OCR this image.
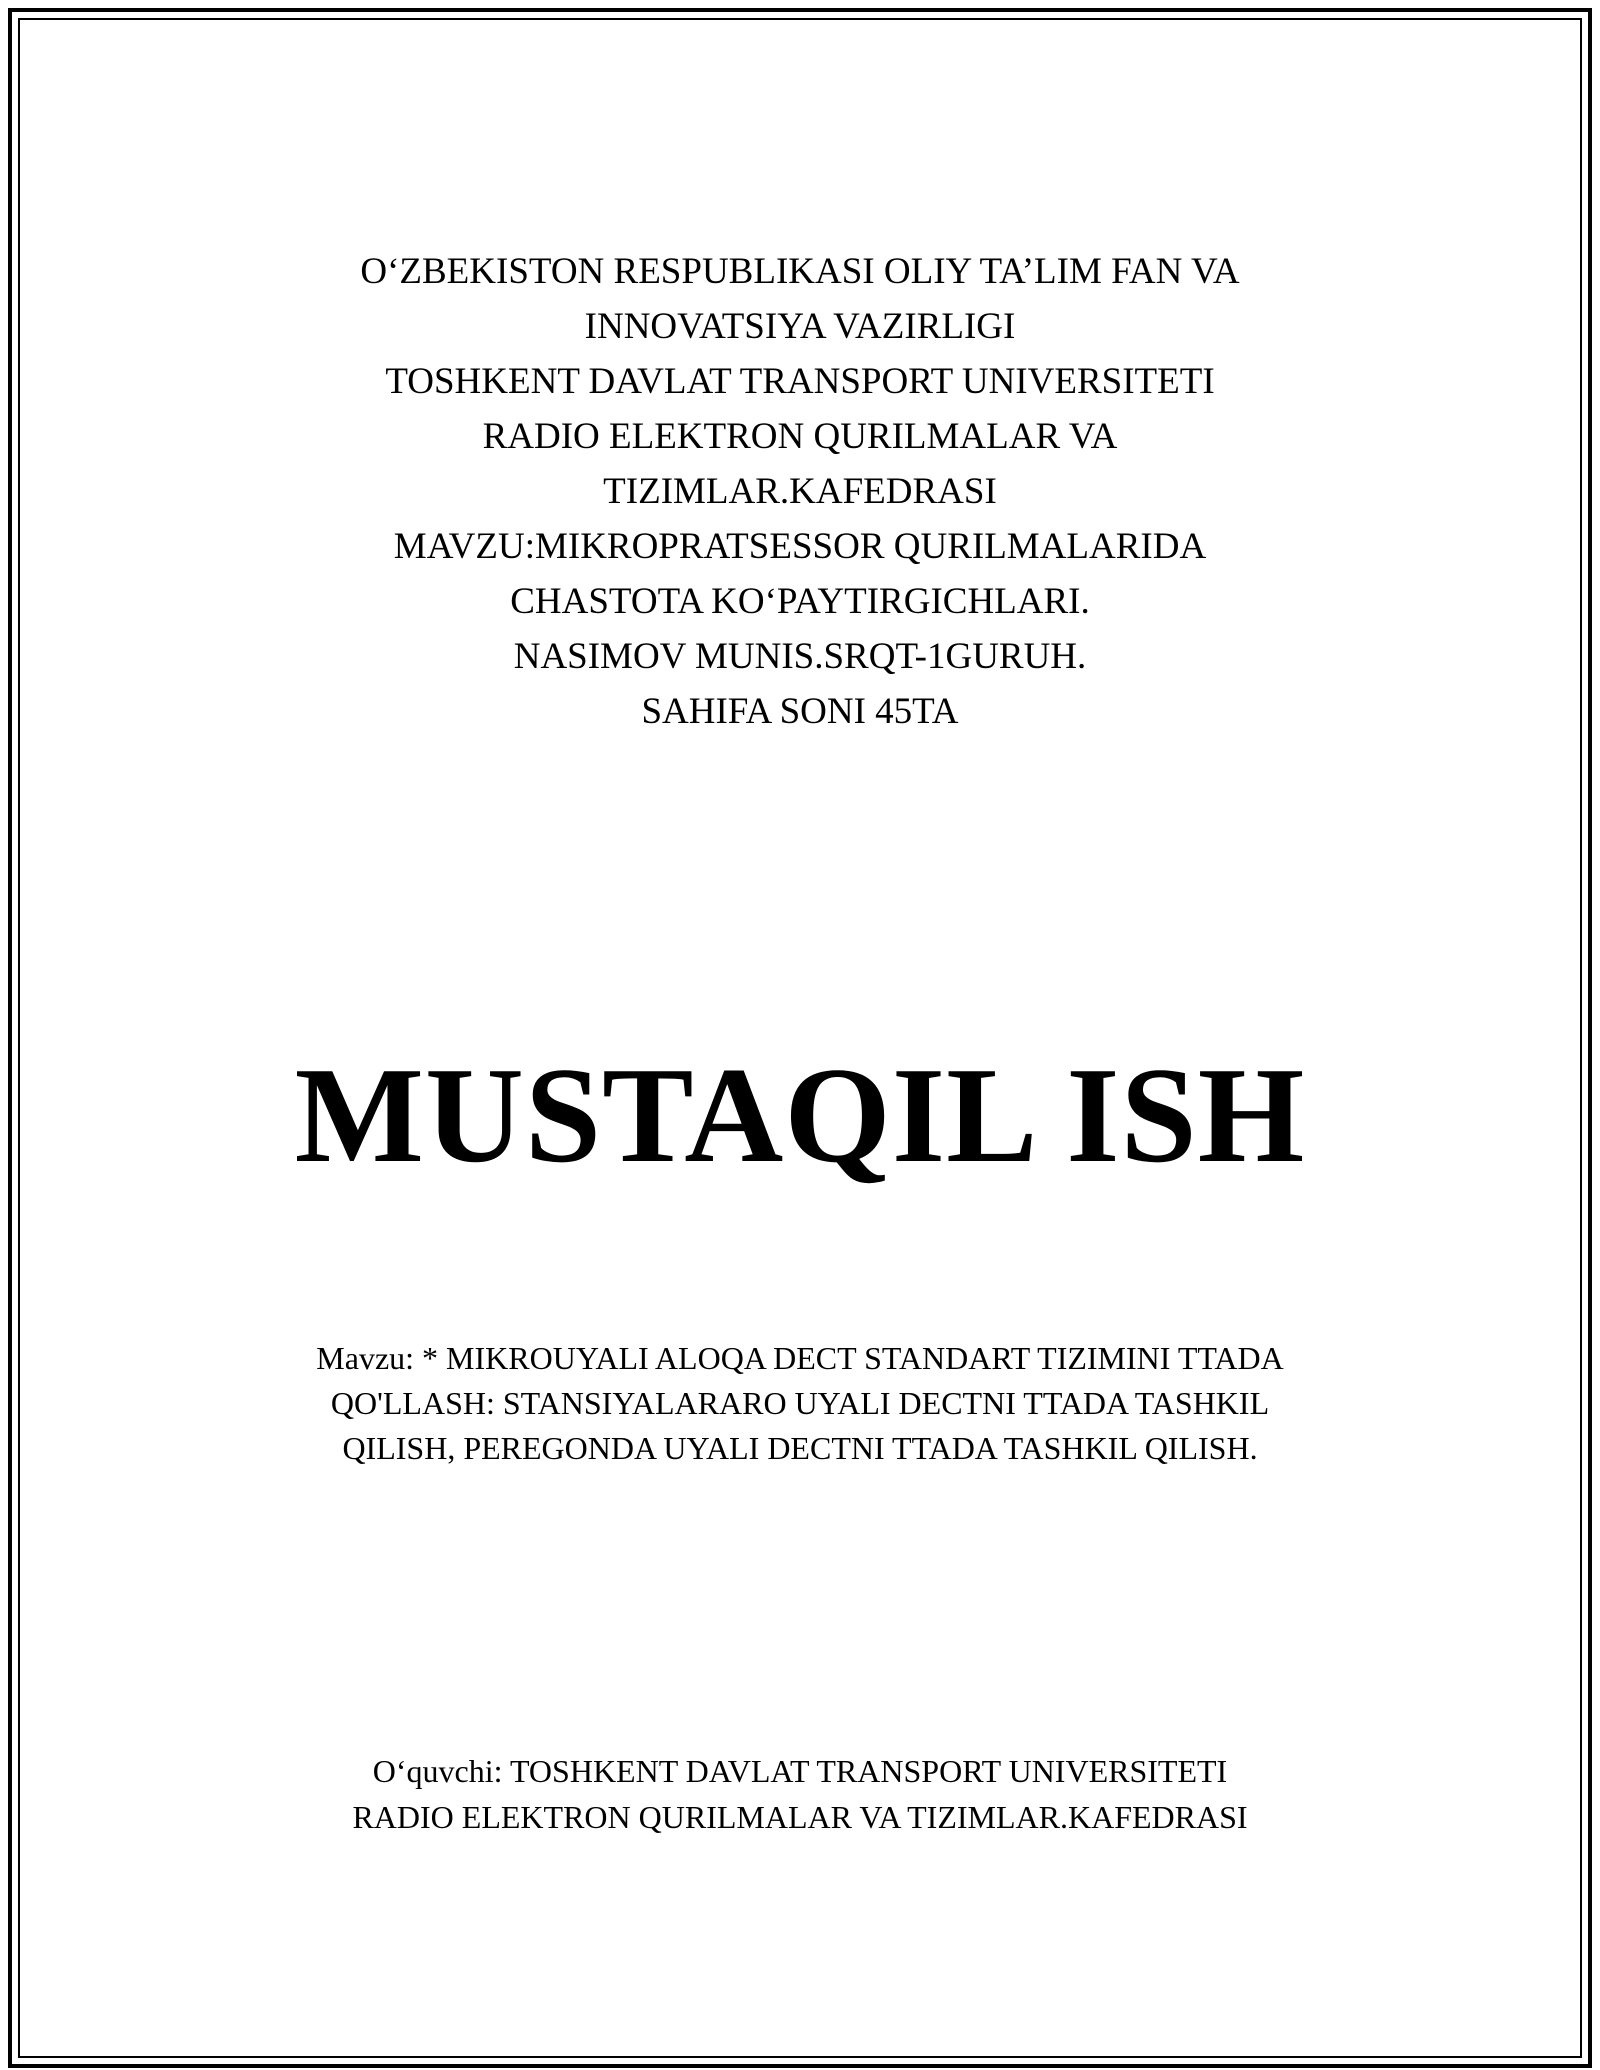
O‘ZBEKISTON RESPUBLIKASI OLIY TA’LIM FAN VA
INNOVATSIYA VAZIRLIGI
TOSHKENT DAVLAT TRANSPORT UNIVERSITETI
RADIO ELEKTRON QURILMALAR VA
TIZIMLAR.KAFEDRASI
MAVZU:MIKROPRATSESSOR QURILMALARIDA
CHASTOTA KO‘PAYTIRGICHLARI.
NASIMOV MUNIS.SRQT-1GURUH.
SAHIFA SONI 45TA
MUSTAQIL ISH
Mavzu: * MIKROUYALI ALOQA DECT STANDART TIZIMINI TTADA
QO'LLASH: STANSIYALARARO UYALI DECTNI TTADA TASHKIL
QILISH, PEREGONDA UYALI DECTNI TTADA TASHKIL QILISH.
O‘quvchi: TOSHKENT DAVLAT TRANSPORT UNIVERSITETI
RADIO ELEKTRON QURILMALAR VA TIZIMLAR.KAFEDRASI
